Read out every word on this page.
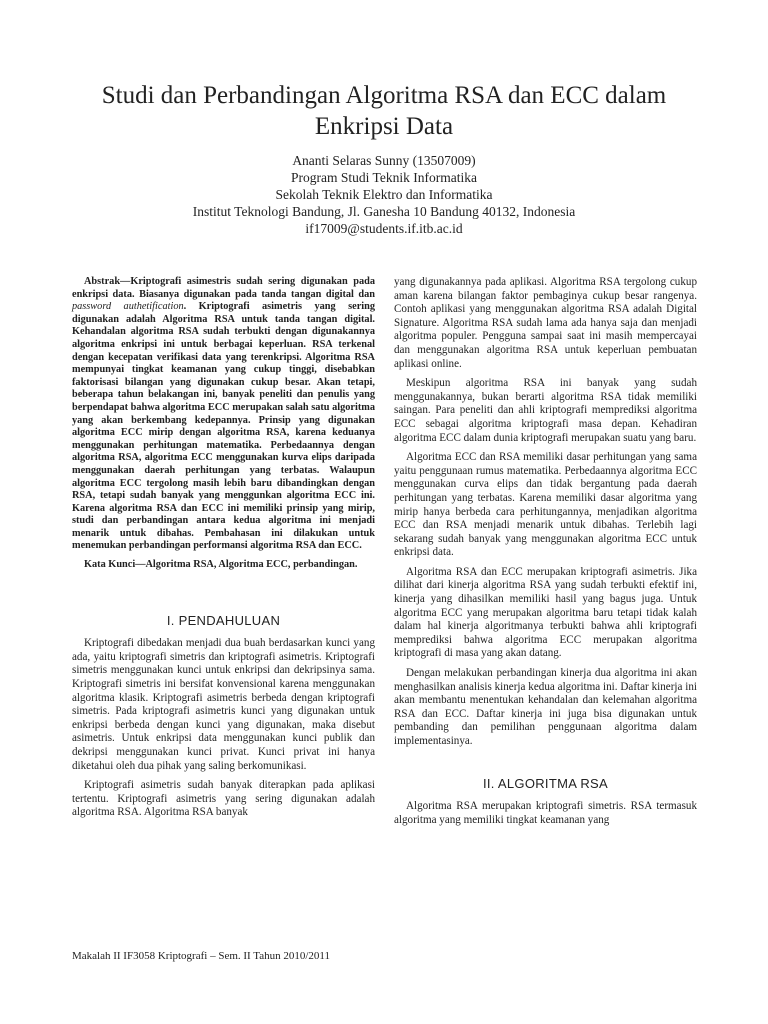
Studi dan Perbandingan Algoritma RSA dan ECC dalam Enkripsi Data
Ananti Selaras Sunny (13507009)
Program Studi Teknik Informatika
Sekolah Teknik Elektro dan Informatika
Institut Teknologi Bandung, Jl. Ganesha 10 Bandung 40132, Indonesia
if17009@students.if.itb.ac.id

Abstrak—Kriptografi asimestris sudah sering digunakan pada enkripsi data. Biasanya digunakan pada tanda tangan digital dan password authetification. Kriptografi asimetris yang sering digunakan adalah Algoritma RSA untuk tanda tangan digital. Kehandalan algoritma RSA sudah terbukti dengan digunakannya algoritma enkripsi ini untuk berbagai keperluan. RSA terkenal dengan kecepatan verifikasi data yang terenkripsi. Algoritma RSA mempunyai tingkat keamanan yang cukup tinggi, disebabkan faktorisasi bilangan yang digunakan cukup besar. Akan tetapi, beberapa tahun belakangan ini, banyak peneliti dan penulis yang berpendapat bahwa algoritma ECC merupakan salah satu algoritma yang akan berkembang kedepannya. Prinsip yang digunakan algoritma ECC mirip dengan algoritma RSA, karena keduanya menggunakan perhitungan matematika. Perbedaannya dengan algoritma RSA, algoritma ECC menggunakan kurva elips daripada menggunakan daerah perhitungan yang terbatas. Walaupun algoritma ECC tergolong masih lebih baru dibandingkan dengan RSA, tetapi sudah banyak yang menggunkan algoritma ECC ini. Karena algoritma RSA dan ECC ini memiliki prinsip yang mirip, studi dan perbandingan antara kedua algoritma ini menjadi menarik untuk dibahas. Pembahasan ini dilakukan untuk menemukan perbandingan performansi algoritma RSA dan ECC.

Kata Kunci—Algoritma RSA, Algoritma ECC, perbandingan.

I. PENDAHULUAN

Kriptografi dibedakan menjadi dua buah berdasarkan kunci yang ada, yaitu kriptografi simetris dan kriptografi asimetris. Kriptografi simetris menggunakan kunci untuk enkripsi dan dekripsinya sama. Kriptografi simetris ini bersifat konvensional karena menggunakan algoritma klasik. Kriptografi asimetris berbeda dengan kriptografi simetris. Pada kriptografi asimetris kunci yang digunakan untuk enkripsi berbeda dengan kunci yang digunakan, maka disebut asimetris. Untuk enkripsi data menggunakan kunci publik dan dekripsi menggunakan kunci privat. Kunci privat ini hanya diketahui oleh dua pihak yang saling berkomunikasi.

Kriptografi asimetris sudah banyak diterapkan pada aplikasi tertentu. Kriptografi asimetris yang sering digunakan adalah algoritma RSA. Algoritma RSA banyak

yang digunakannya pada aplikasi. Algoritma RSA tergolong cukup aman karena bilangan faktor pembaginya cukup besar rangenya. Contoh aplikasi yang menggunakan algoritma RSA adalah Digital Signature. Algoritma RSA sudah lama ada hanya saja dan menjadi algoritma populer. Pengguna sampai saat ini masih mempercayai dan menggunakan algoritma RSA untuk keperluan pembuatan aplikasi online.

Meskipun algoritma RSA ini banyak yang sudah menggunakannya, bukan berarti algoritma RSA tidak memiliki saingan. Para peneliti dan ahli kriptografi memprediksi algoritma ECC sebagai algoritma kriptografi masa depan. Kehadiran algoritma ECC dalam dunia kriptografi merupakan suatu yang baru.

Algoritma ECC dan RSA memiliki dasar perhitungan yang sama yaitu penggunaan rumus matematika. Perbedaannya algoritma ECC menggunakan curva elips dan tidak bergantung pada daerah perhitungan yang terbatas. Karena memiliki dasar algoritma yang mirip hanya berbeda cara perhitungannya, menjadikan algoritma ECC dan RSA menjadi menarik untuk dibahas. Terlebih lagi sekarang sudah banyak yang menggunakan algoritma ECC untuk enkripsi data.

Algoritma RSA dan ECC merupakan kriptografi asimetris. Jika dilihat dari kinerja algoritma RSA yang sudah terbukti efektif ini, kinerja yang dihasilkan memiliki hasil yang bagus juga. Untuk algoritma ECC yang merupakan algoritma baru tetapi tidak kalah dalam hal kinerja algoritmanya terbukti bahwa ahli kriptografi memprediksi bahwa algoritma ECC merupakan algoritma kriptografi di masa yang akan datang.

Dengan melakukan perbandingan kinerja dua algoritma ini akan menghasilkan analisis kinerja kedua algoritma ini. Daftar kinerja ini akan membantu menentukan kehandalan dan kelemahan algoritma RSA dan ECC. Daftar kinerja ini juga bisa digunakan untuk pembanding dan pemilihan penggunaan algoritma dalam implementasinya.

II. ALGORITMA RSA

Algoritma RSA merupakan kriptografi simetris. RSA termasuk algoritma yang memiliki tingkat keamanan yang

Makalah II IF3058 Kriptografi – Sem. II Tahun 2010/2011
